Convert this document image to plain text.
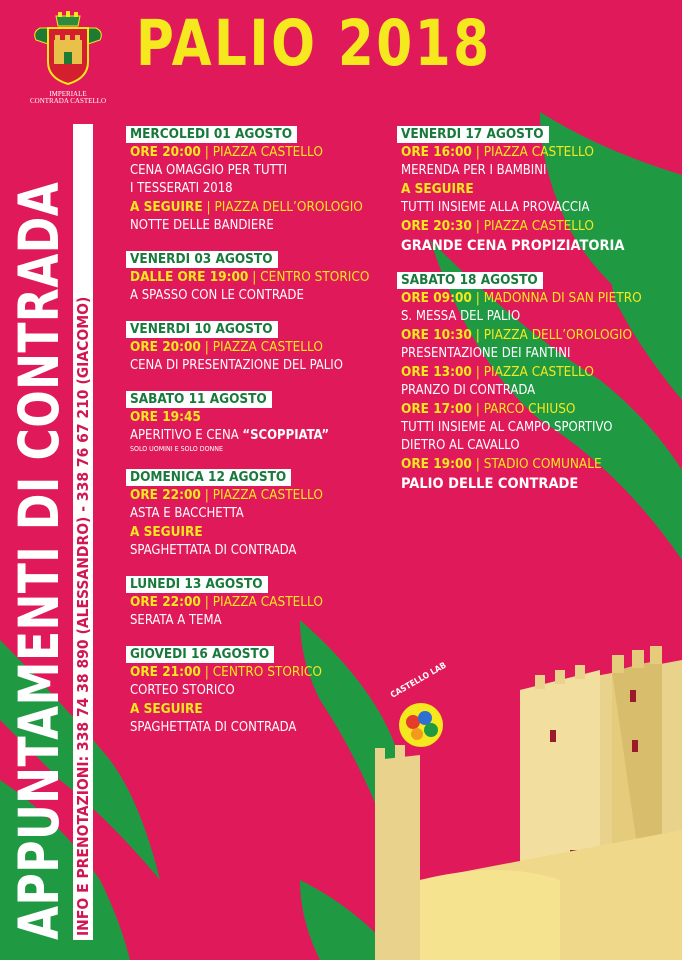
IMPERIALE
CONTRADA CASTELLO
PALIO 2018
APPUNTAMENTI DI CONTRADA INFO E PRENOTAZIONI: 338 74 38 890 (ALESSANDRO) - 338 76 67 210 (GIACOMO)
MERCOLEDI 01 AGOSTO
ORE 20:00 | PIAZZA CASTELLO
CENA OMAGGIO PER TUTTI
I TESSERATI 2018
A SEGUIRE | PIAZZA DELL’OROLOGIO
NOTTE DELLE BANDIERE
VENERDI 03 AGOSTO
DALLE ORE 19:00 | CENTRO STORICO
A SPASSO CON LE CONTRADE
VENERDI 10 AGOSTO
ORE 20:00 | PIAZZA CASTELLO
CENA DI PRESENTAZIONE DEL PALIO
SABATO 11 AGOSTO
ORE 19:45
APERITIVO E CENA “SCOPPIATA”
SOLO UOMINI E SOLO DONNE
DOMENICA 12 AGOSTO
ORE 22:00 | PIAZZA CASTELLO
ASTA E BACCHETTA
A SEGUIRE
SPAGHETTATA DI CONTRADA
LUNEDI 13 AGOSTO
ORE 22:00 | PIAZZA CASTELLO
SERATA A TEMA
GIOVEDI 16 AGOSTO
ORE 21:00 | CENTRO STORICO
CORTEO STORICO
A SEGUIRE
SPAGHETTATA DI CONTRADA
VENERDI 17 AGOSTO
ORE 16:00 | PIAZZA CASTELLO
MERENDA PER I BAMBINI
A SEGUIRE
TUTTI INSIEME ALLA PROVACCIA
ORE 20:30 | PIAZZA CASTELLO
GRANDE CENA PROPIZIATORIA
SABATO 18 AGOSTO
ORE 09:00 | MADONNA DI SAN PIETRO
S. MESSA DEL PALIO
ORE 10:30 | PIAZZA DELL’OROLOGIO
PRESENTAZIONE DEI FANTINI
ORE 13:00 | PIAZZA CASTELLO
PRANZO DI CONTRADA
ORE 17:00 | PARCO CHIUSO
TUTTI INSIEME AL CAMPO SPORTIVO
DIETRO AL CAVALLO
ORE 19:00 | STADIO COMUNALE
PALIO DELLE CONTRADE
CASTELLO LAB
